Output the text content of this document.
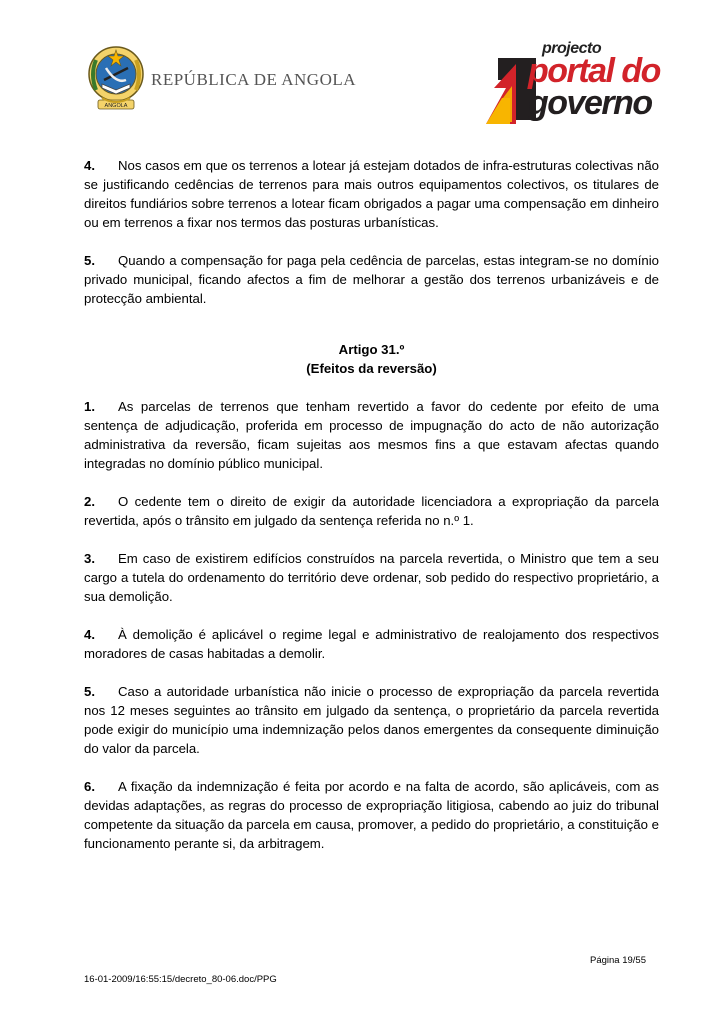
ANGOLA
REPÚBLICA DE ANGOLA
projecto
portal do
governo

4. Nos casos em que os terrenos a lotear já estejam dotados de infra-estruturas colectivas não se justificando cedências de terrenos para mais outros equipamentos colectivos, os titulares de direitos fundiários sobre terrenos a lotear ficam obrigados a pagar uma compensação em dinheiro ou em terrenos a fixar nos termos das posturas urbanísticas.

5. Quando a compensação for paga pela cedência de parcelas, estas integram-se no domínio privado municipal, ficando afectos a fim de melhorar a gestão dos terrenos urbanizáveis e de protecção ambiental.

Artigo 31.º
(Efeitos da reversão)

1. As parcelas de terrenos que tenham revertido a favor do cedente por efeito de uma sentença de adjudicação, proferida em processo de impugnação do acto de não autorização administrativa da reversão, ficam sujeitas aos mesmos fins a que estavam afectas quando integradas no domínio público municipal.

2. O cedente tem o direito de exigir da autoridade licenciadora a expropriação da parcela revertida, após o trânsito em julgado da sentença referida no n.º 1.

3. Em caso de existirem edifícios construídos na parcela revertida, o Ministro que tem a seu cargo a tutela do ordenamento do território deve ordenar, sob pedido do respectivo proprietário, a sua demolição.

4. À demolição é aplicável o regime legal e administrativo de realojamento dos respectivos moradores de casas habitadas a demolir.

5. Caso a autoridade urbanística não inicie o processo de expropriação da parcela revertida nos 12 meses seguintes ao trânsito em julgado da sentença, o proprietário da parcela revertida pode exigir do município uma indemnização pelos danos emergentes da consequente diminuição do valor da parcela.

6. A fixação da indemnização é feita por acordo e na falta de acordo, são aplicáveis, com as devidas adaptações, as regras do processo de expropriação litigiosa, cabendo ao juiz do tribunal competente da situação da parcela em causa, promover, a pedido do proprietário, a constituição e funcionamento perante si, da arbitragem.

Página 19/55
16-01-2009/16:55:15/decreto_80-06.doc/PPG
